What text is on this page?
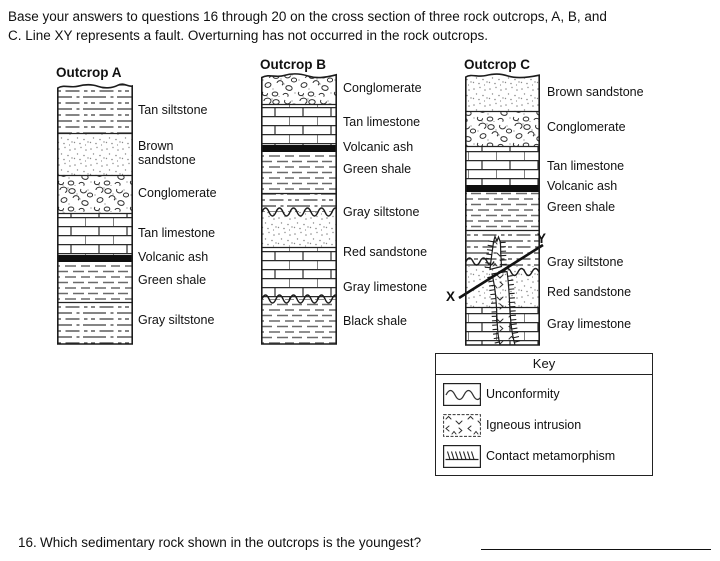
Base your answers to questions 16 through 20 on the cross section of three rock outcrops, A, B, and
C. Line XY represents a fault. Overturning has not occurred in the rock outcrops.
Outcrop A
Tan siltstone
Brown sandstone
Conglomerate
Tan limestone
Volcanic ash
Green shale
Gray siltstone
Outcrop B
Conglomerate
Tan limestone
Volcanic ash
Green shale
Gray siltstone
Red sandstone
Gray limestone
Black shale
Outcrop C
X
Y
Brown sandstone
Conglomerate
Tan limestone
Volcanic ash
Green shale
Gray siltstone
Red sandstone
Gray limestone
Key
Unconformity
Igneous intrusion
Contact metamorphism
16. Which sedimentary rock shown in the outcrops is the youngest?
